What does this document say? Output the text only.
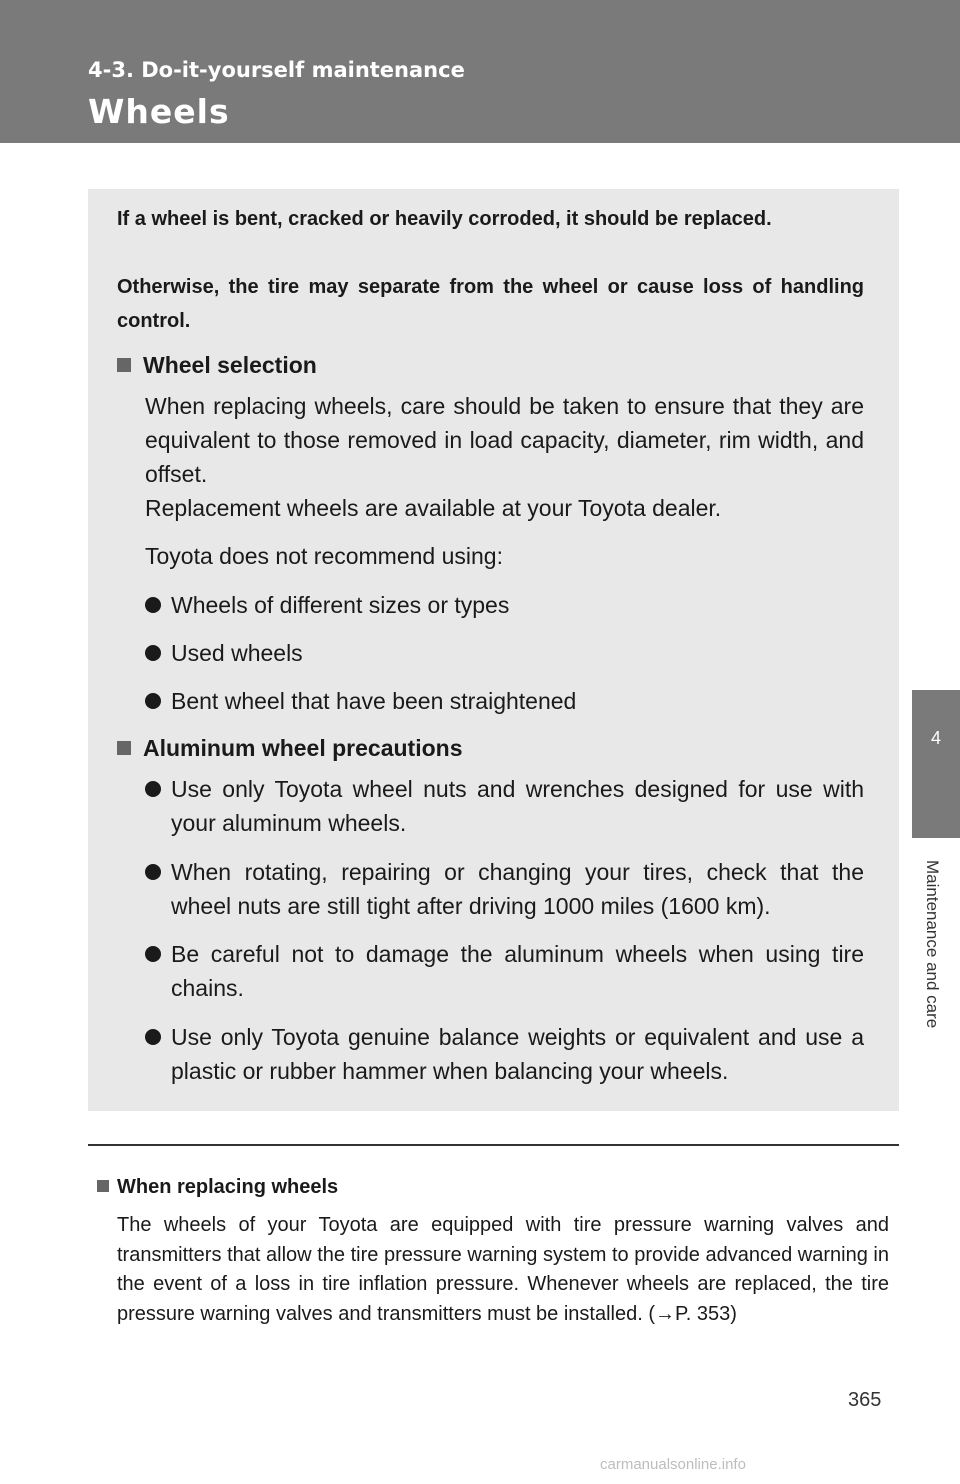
4-3. Do-it-yourself maintenance

Wheels
4
Maintenance and care

If a wheel is bent, cracked or heavily corroded, it should be replaced.

Otherwise, the tire may separate from the wheel or cause loss of handling control.

Wheel selection

When replacing wheels, care should be taken to ensure that they are equivalent to those removed in load capacity, diameter, rim width, and offset.

Replacement wheels are available at your Toyota dealer.

Toyota does not recommend using:

Wheels of different sizes or types
Used wheels
Bent wheel that have been straightened

Aluminum wheel precautions

Use only Toyota wheel nuts and wrenches designed for use with your aluminum wheels.
When rotating, repairing or changing your tires, check that the wheel nuts are still tight after driving 1000 miles (1600 km).
Be careful not to damage the aluminum wheels when using tire chains.
Use only Toyota genuine balance weights or equivalent and use a plastic or rubber hammer when balancing your wheels.

When replacing wheels

The wheels of your Toyota are equipped with tire pressure warning valves and transmitters that allow the tire pressure warning system to provide advanced warning in the event of a loss in tire inflation pressure. Whenever wheels are replaced, the tire pressure warning valves and transmitters must be installed. (→P. 353)

365
carmanualsonline.info
